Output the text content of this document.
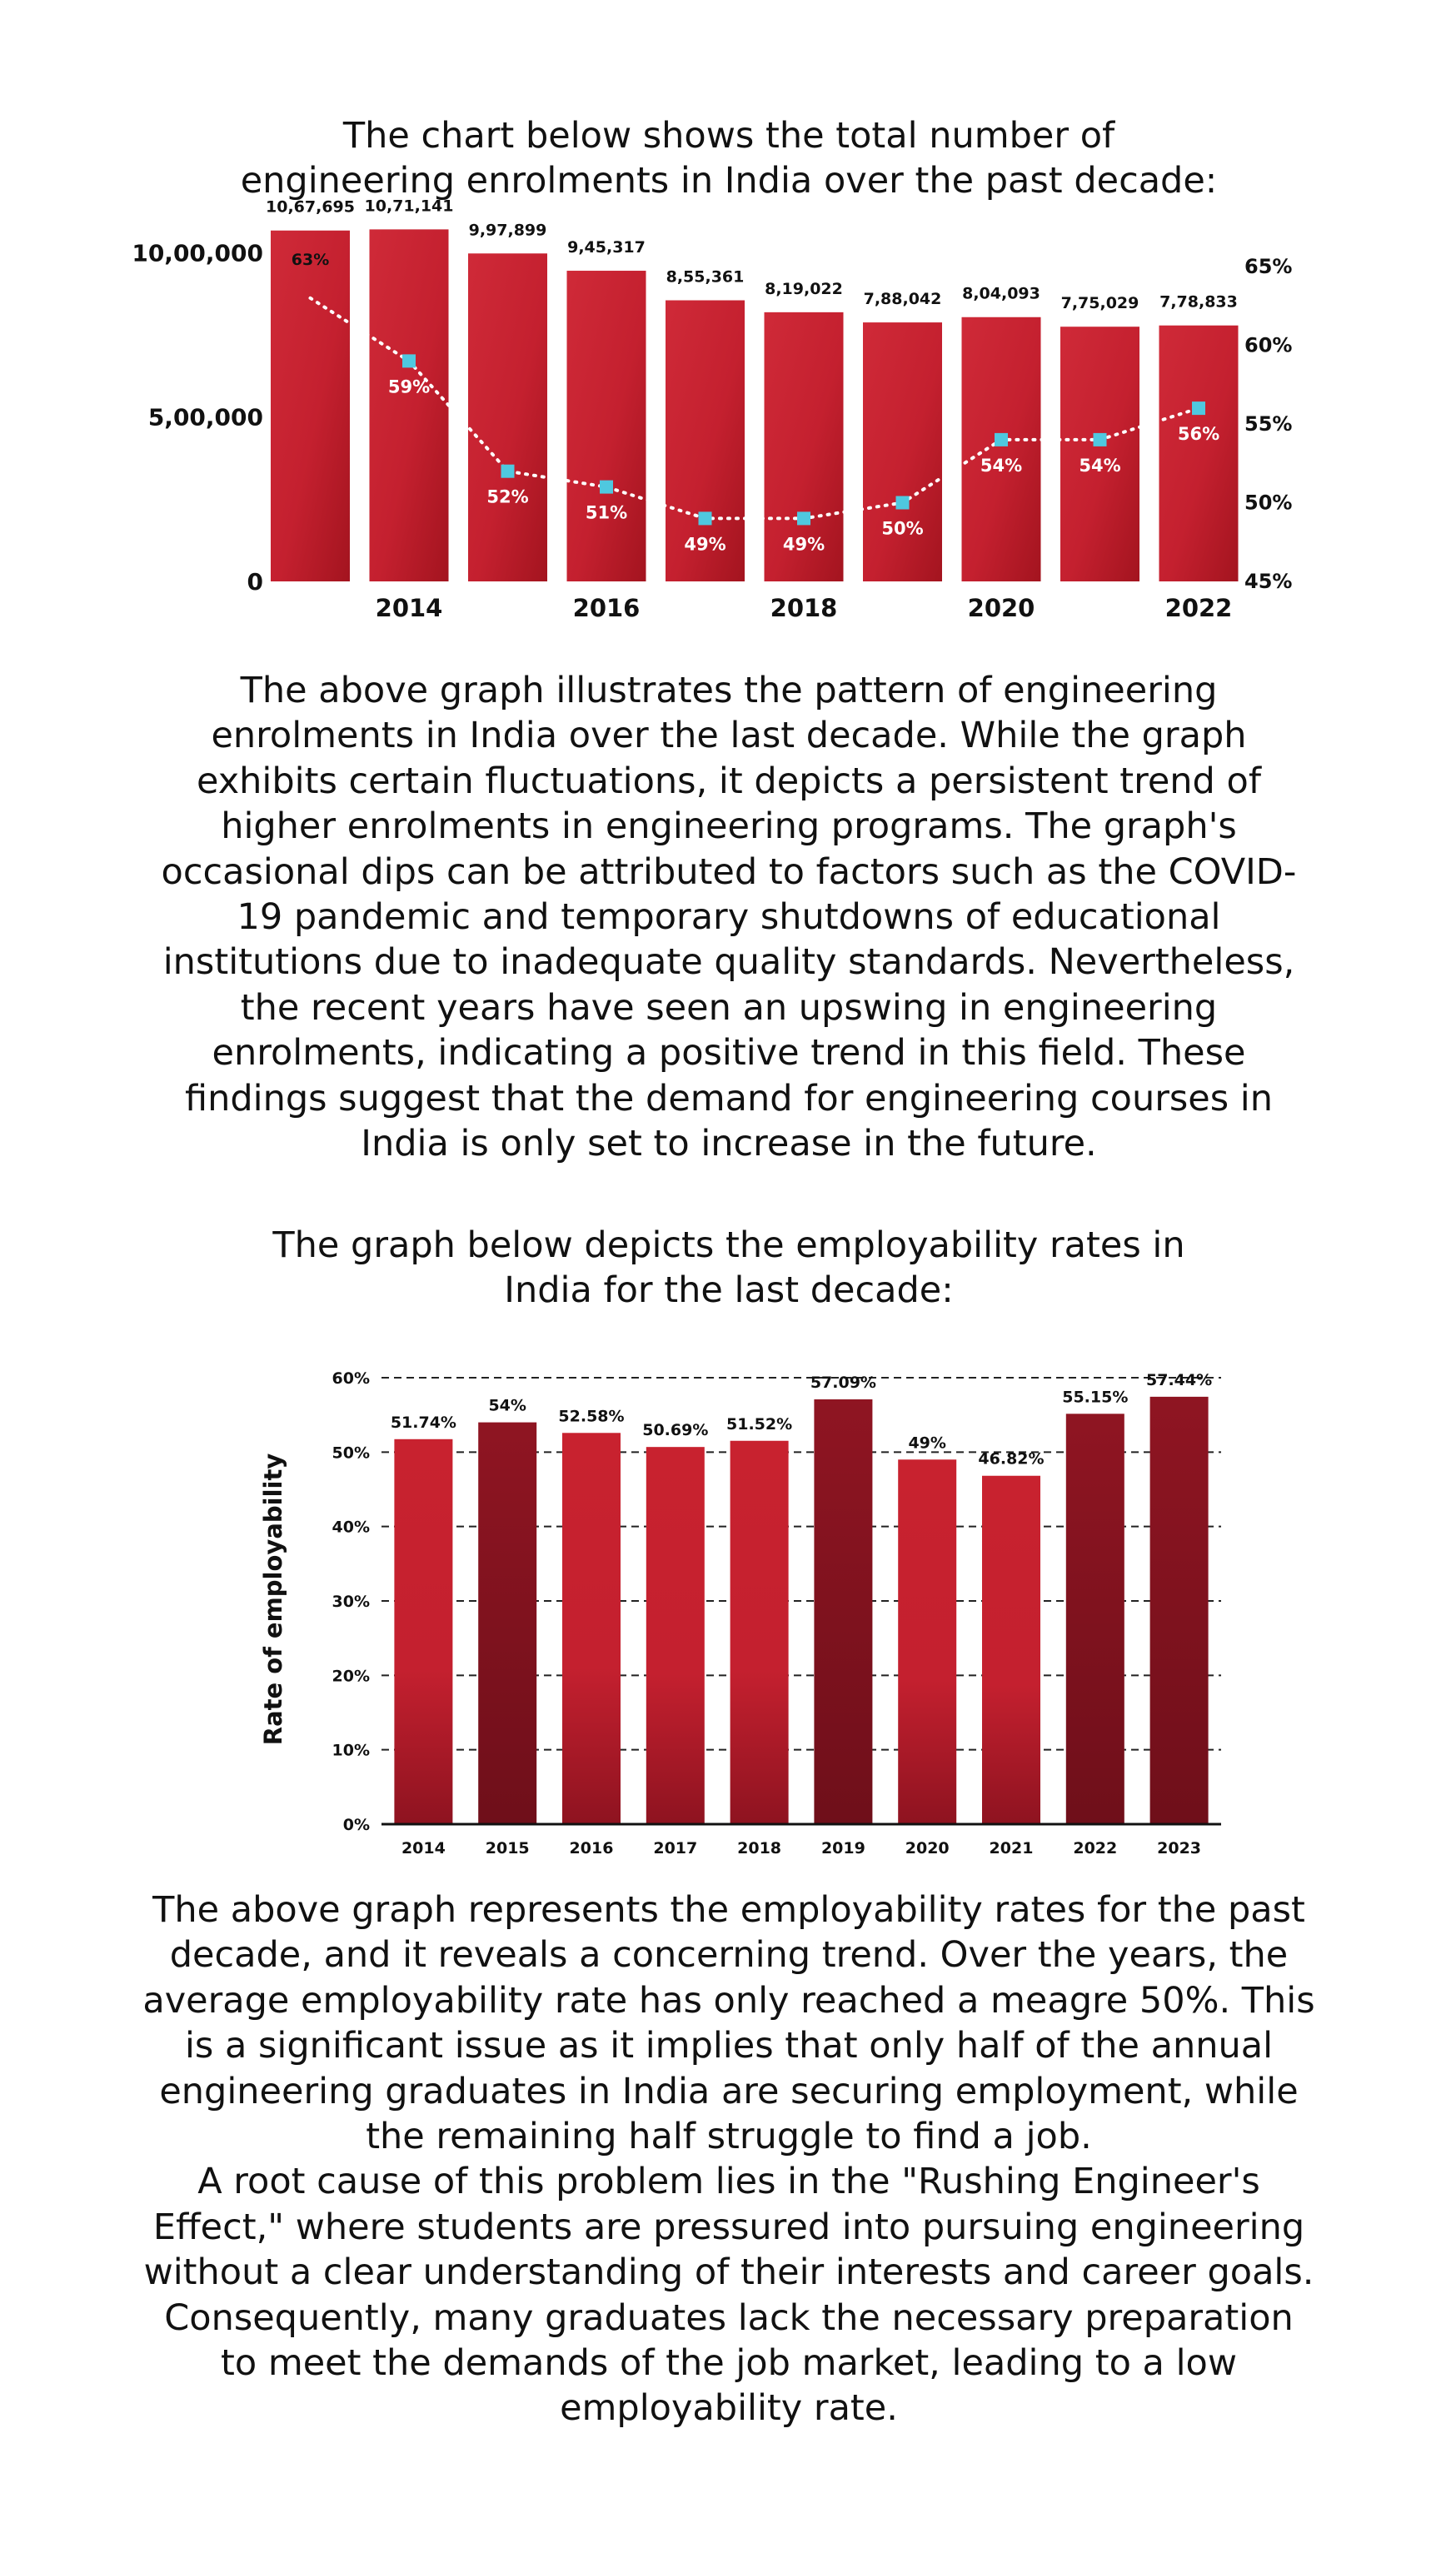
The chart below shows the total number of engineering enrolments in India over the past decade:
10,67,695 10,71,141
9,97,899
9,45,317
8,55,361
8,19,022
7,88,042 8,04,093
7,75,029 7,78,833
0
5,00,000
10,00,000
2014	2016	2018	2020	2022
45%
50%
55%
60%
65%
63%
59%
52%
51%
49%	49%
50%
54%	54%
56%
The above graph illustrates the pattern of engineering enrolments in India over the last decade. While the graph exhibits certain fluctuations, it depicts a persistent trend of higher enrolments in engineering programs. The graph's occasional dips can be attributed to factors such as the COVID-19 pandemic and temporary shutdowns of educational institutions due to inadequate quality standards. Nevertheless, the recent years have seen an upswing in engineering enrolments, indicating a positive trend in this field. These findings suggest that the demand for engineering courses in India is only set to increase in the future.
The graph below depicts the employability rates in India for the last decade:
0%
10%
20%
30%
40%
50%
60%
51.74%
2014
54%
2015
52.58%
2016
50.69%
2017
51.52%
2018
57.09%
2019
49%
2020
46.82%
2021
55.15%
2022
57.44%
2023
Rate of employability

The above graph represents the employability rates for the past decade, and it reveals a concerning trend. Over the years, the average employability rate has only reached a meagre 50%. This is a significant issue as it implies that only half of the annual engineering graduates in India are securing employment, while the remaining half struggle to find a job.

A root cause of this problem lies in the "Rushing Engineer's Effect," where students are pressured into pursuing engineering without a clear understanding of their interests and career goals. Consequently, many graduates lack the necessary preparation to meet the demands of the job market, leading to a low employability rate.
